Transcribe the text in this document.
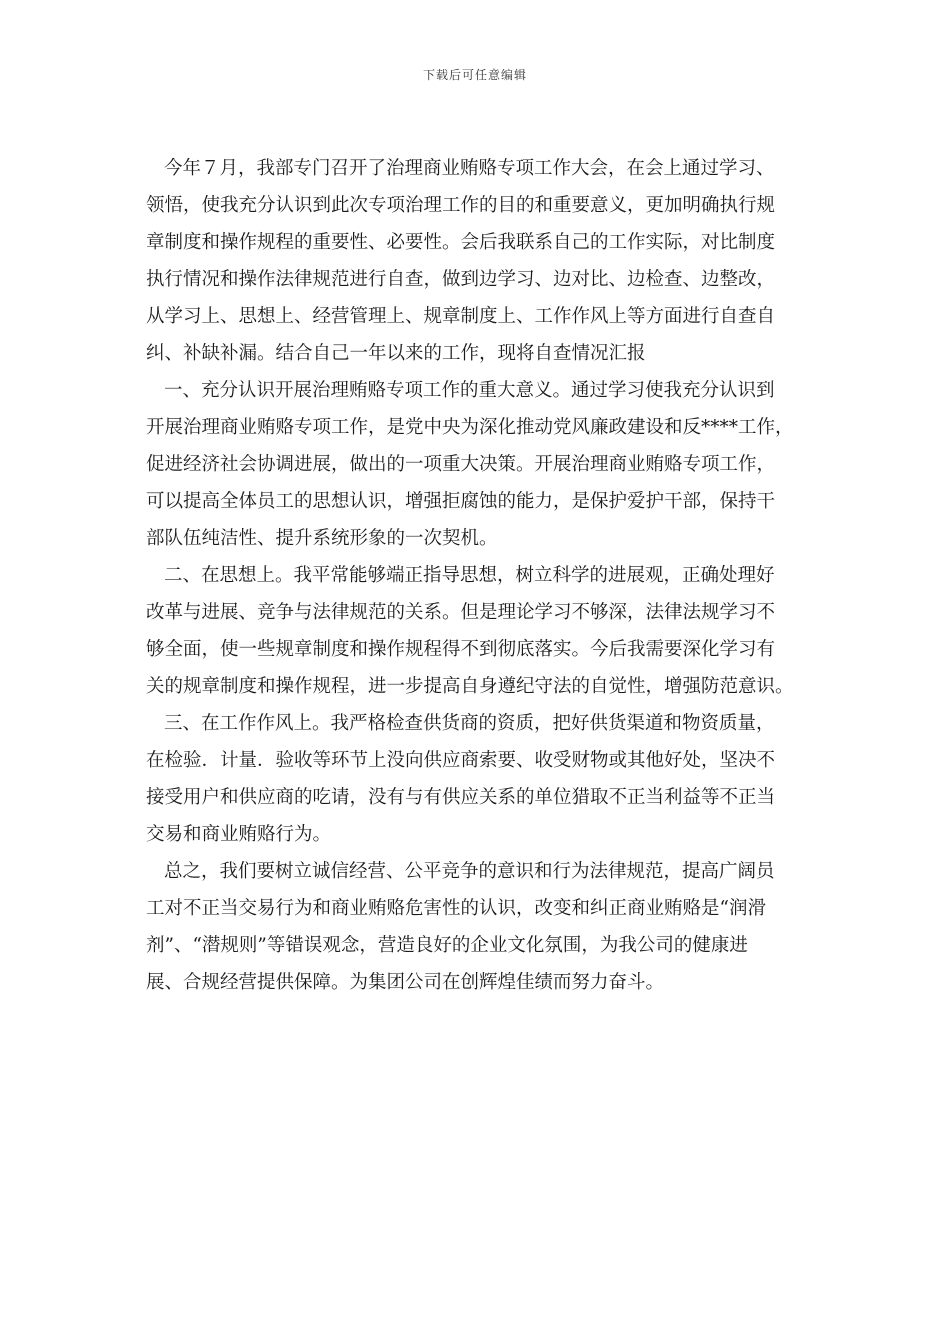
下载后可任意编辑
今年７月，我部专门召开了治理商业贿赂专项工作大会，在会上通过学习、
领悟，使我充分认识到此次专项治理工作的目的和重要意义，更加明确执行规
章制度和操作规程的重要性、必要性。会后我联系自己的工作实际，对比制度
执行情况和操作法律规范进行自查，做到边学习、边对比、边检查、边整改，
从学习上、思想上、经营管理上、规章制度上、工作作风上等方面进行自查自
纠、补缺补漏。结合自己一年以来的工作，现将自查情况汇报
一、充分认识开展治理贿赂专项工作的重大意义。通过学习使我充分认识到
开展治理商业贿赂专项工作，是党中央为深化推动党风廉政建设和反****工作，
促进经济社会协调进展，做出的一项重大决策。开展治理商业贿赂专项工作，
可以提高全体员工的思想认识，增强拒腐蚀的能力，是保护爱护干部，保持干
部队伍纯洁性、提升系统形象的一次契机。
二、在思想上。我平常能够端正指导思想，树立科学的进展观，正确处理好
改革与进展、竞争与法律规范的关系。但是理论学习不够深，法律法规学习不
够全面，使一些规章制度和操作规程得不到彻底落实。今后我需要深化学习有
关的规章制度和操作规程，进一步提高自身遵纪守法的自觉性，增强防范意识。
三、在工作作风上。我严格检查供货商的资质，把好供货渠道和物资质量，
在检验．计量．验收等环节上没向供应商索要、收受财物或其他好处，坚决不
接受用户和供应商的吃请，没有与有供应关系的单位猎取不正当利益等不正当
交易和商业贿赂行为。
总之，我们要树立诚信经营、公平竞争的意识和行为法律规范，提高广阔员
工对不正当交易行为和商业贿赂危害性的认识，改变和纠正商业贿赂是“润滑
剂”、“潜规则”等错误观念，营造良好的企业文化氛围，为我公司的健康进
展、合规经营提供保障。为集团公司在创辉煌佳绩而努力奋斗。
